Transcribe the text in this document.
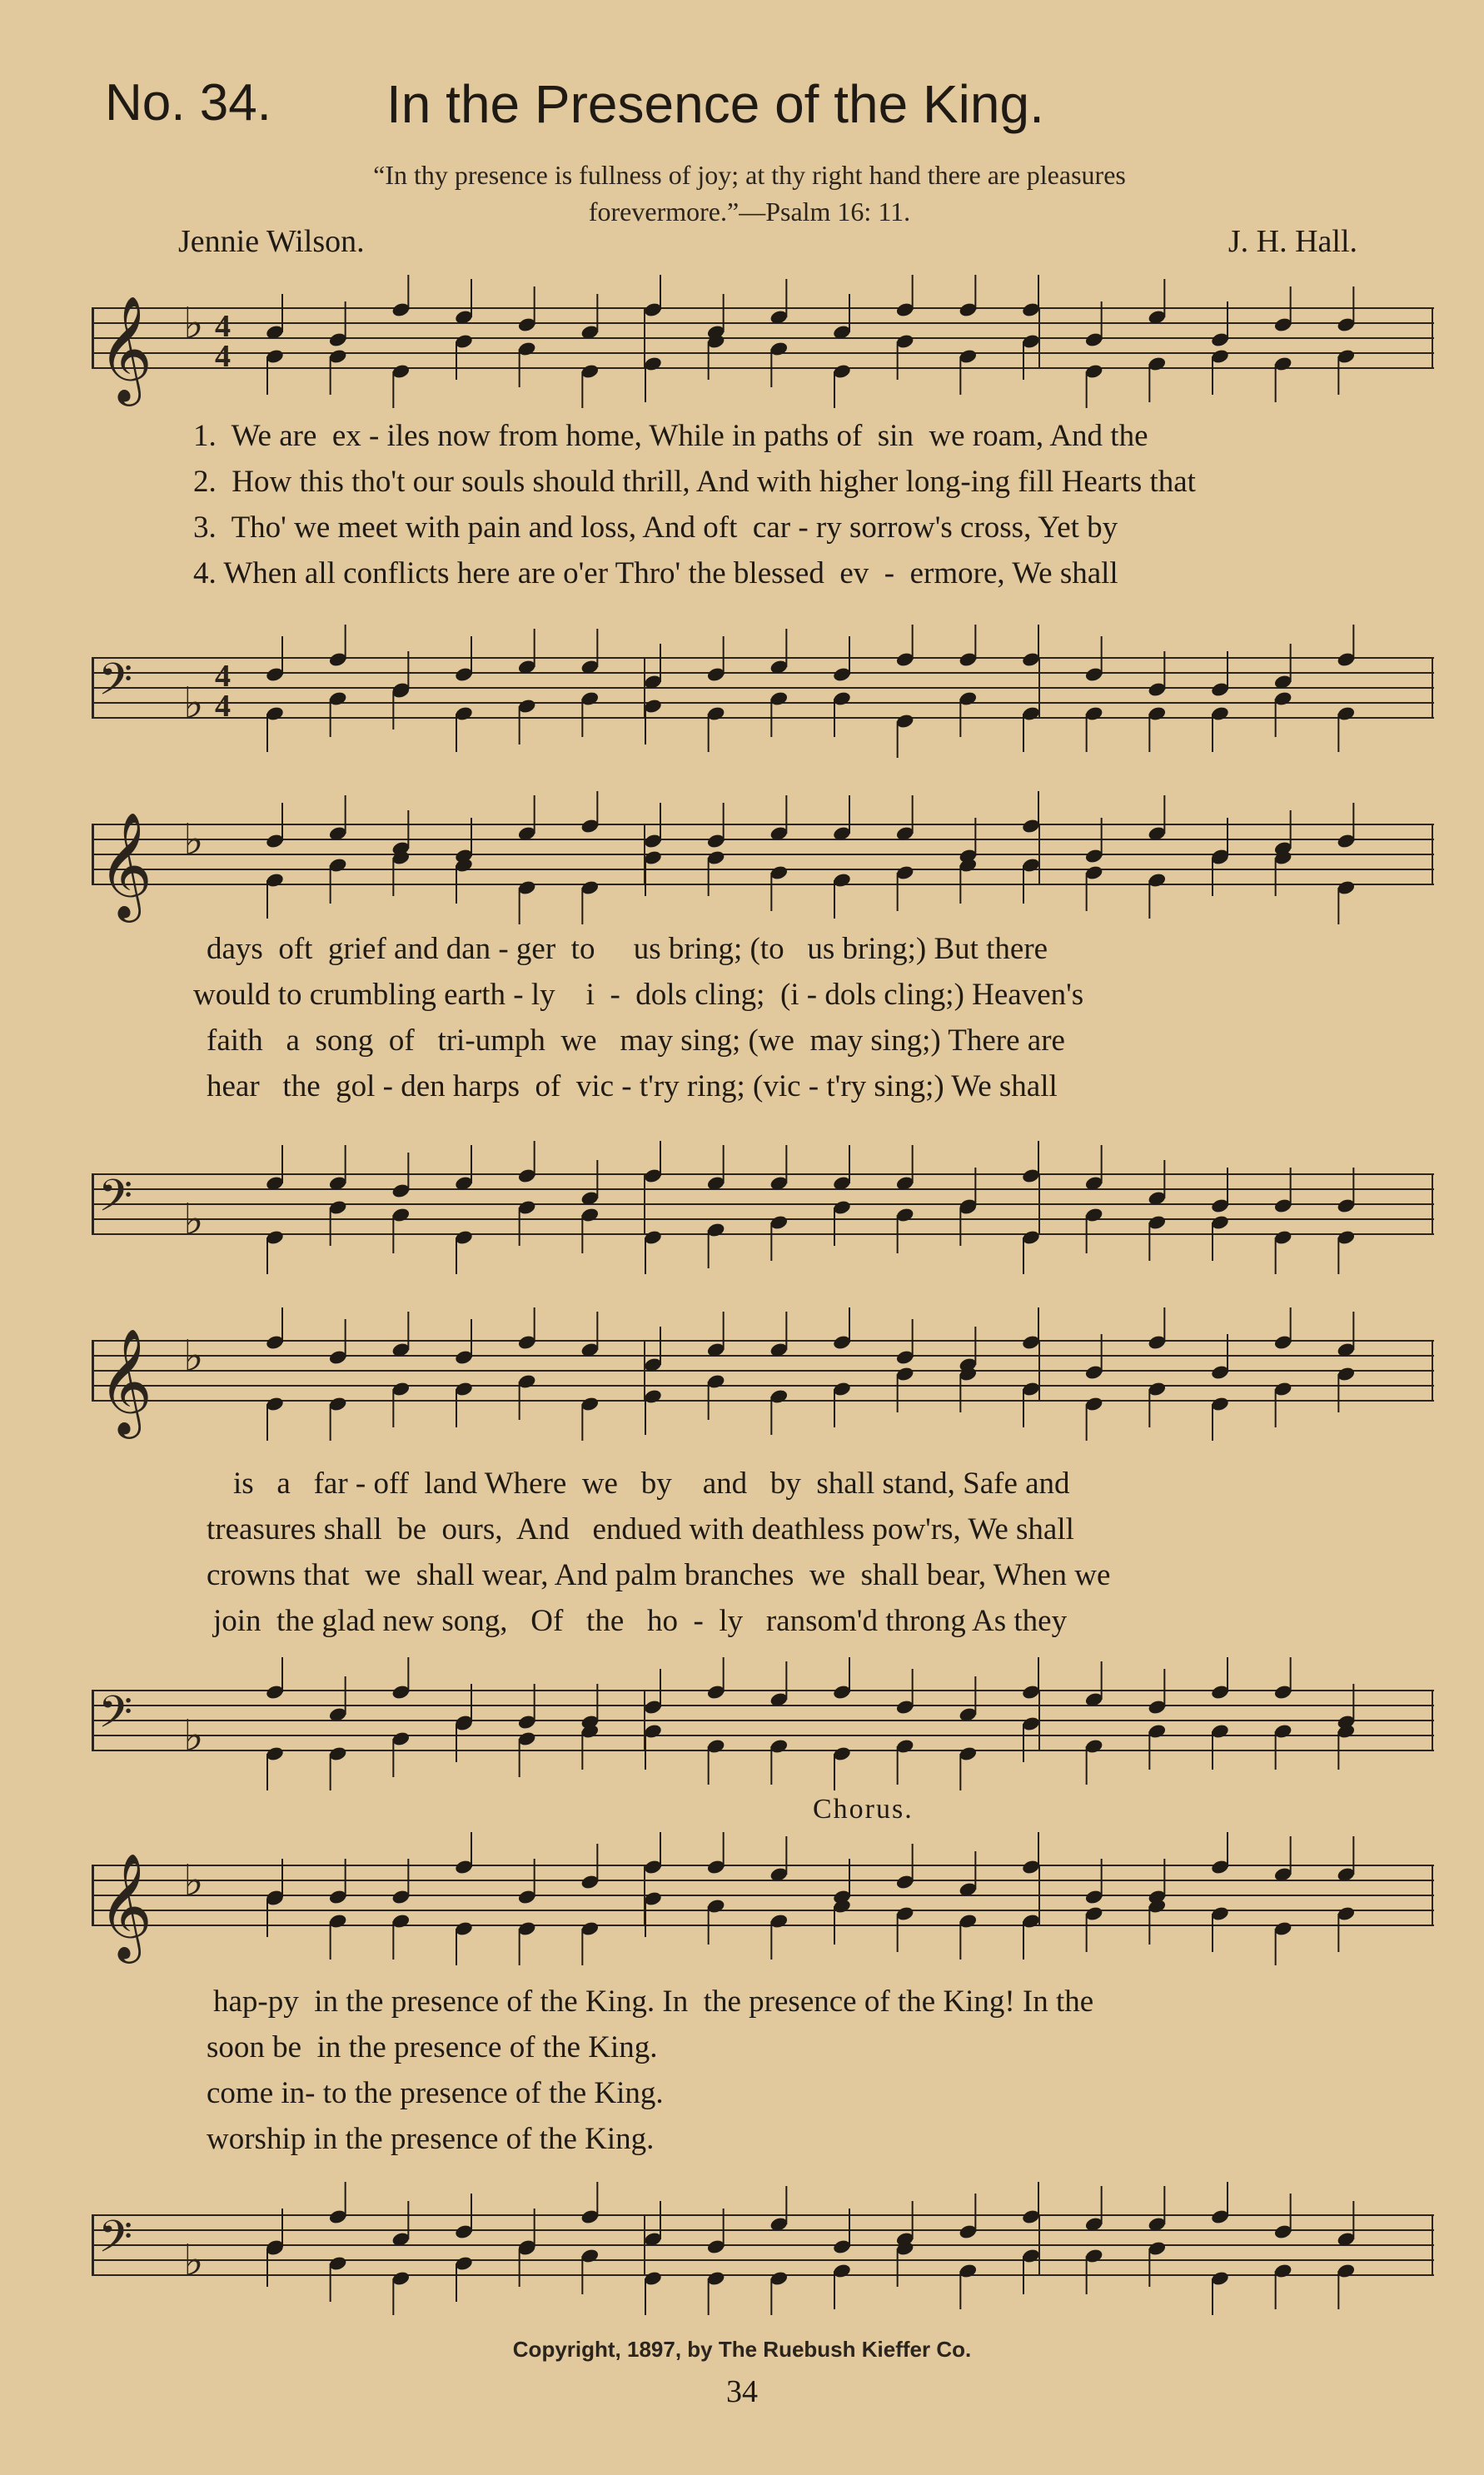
No. 34. In the Presence of the King.
“In thy presence is fullness of joy; at thy right hand there are pleasures
forevermore.”—Psalm 16: 11.
Jennie Wilson.	J. H. Hall.
𝄞 ♭ 4
4
𝄢 ♭
4
4
1.  We are  ex - iles now from home, While in paths of  sin  we roam, And the
2.  How this tho't our souls should thrill, And with higher long-ing fill Hearts that
3.  Tho' we meet with pain and loss, And oft  car - ry sorrow's cross, Yet by
4. When all conflicts here are o'er Thro' the blessed  ev  -  ermore, We shall
𝄞 ♭
𝄢 ♭
days  oft  grief and dan - ger  to     us bring; (to   us bring;) But there
would to crumbling earth - ly    i  -  dols cling;  (i - dols cling;) Heaven's
faith   a  song  of   tri-umph  we   may sing; (we  may sing;) There are
hear   the  gol - den harps  of  vic - t'ry ring; (vic - t'ry sing;) We shall
𝄞 ♭
𝄢 ♭
is   a   far - off  land Where  we   by    and   by  shall stand, Safe and
treasures shall  be  ours,  And   endued with deathless pow'rs, We shall
crowns that  we  shall wear, And palm branches  we  shall bear, When we
join  the glad new song,   Of   the   ho  -  ly   ransom'd throng As they
Chorus.
𝄞 ♭
𝄢 ♭
hap-py  in the presence of the King. In  the presence of the King! In the
soon be  in the presence of the King.
come in- to the presence of the King.
worship in the presence of the King.
Copyright, 1897, by The Ruebush Kieffer Co.
34
